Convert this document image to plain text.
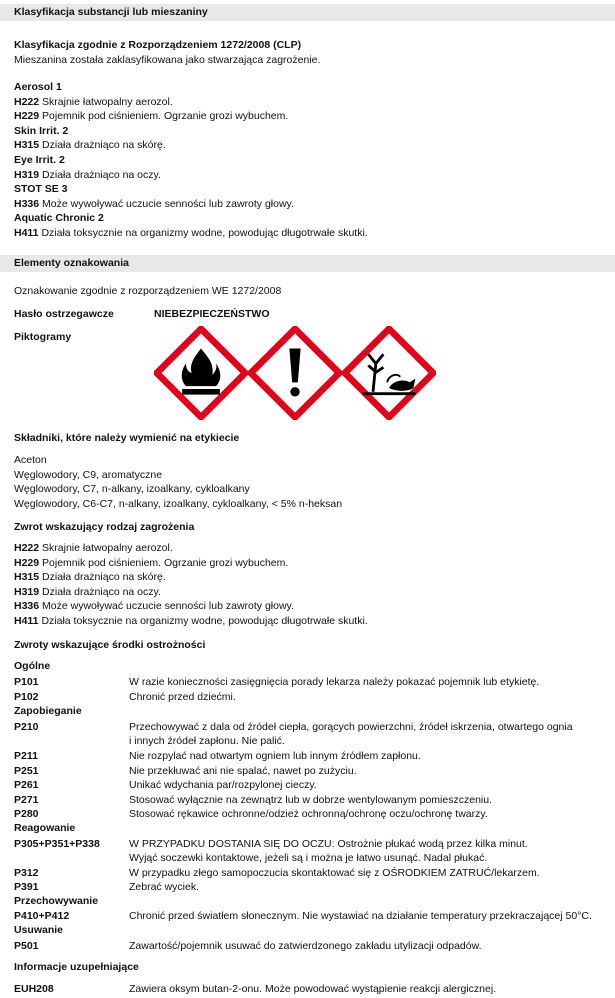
Klasyfikacja substancji lub mieszaniny
Klasyfikacja zgodnie z Rozporządzeniem 1272/2008 (CLP)
Mieszanina została zaklasyfikowana jako stwarzająca zagrożenie.
Aerosol 1
H222 Skrajnie łatwopalny aerozol.
H229 Pojemnik pod ciśnieniem. Ogrzanie grozi wybuchem.
Skin Irrit. 2
H315 Działa drażniąco na skórę.
Eye Irrit. 2
H319 Działa drażniąco na oczy.
STOT SE 3
H336 Może wywoływać uczucie senności lub zawroty głowy.
Aquatic Chronic 2
H411 Działa toksycznie na organizmy wodne, powodując długotrwałe skutki.
Elementy oznakowania
Oznakowanie zgodnie z rozporządzeniem WE 1272/2008
Hasło ostrzegawcze	NIEBEZPIECZEŃSTWO
Piktogramy
Składniki, które należy wymienić na etykiecie
Aceton
Węglowodory, C9, aromatyczne
Węglowodory, C7, n-alkany, izoalkany, cykloalkany
Węglowodory, C6-C7, n-alkany, izoalkany, cykloalkany, < 5% n-heksan
Zwrot wskazujący rodzaj zagrożenia
H222 Skrajnie łatwopalny aerozol.
H229 Pojemnik pod ciśnieniem. Ogrzanie grozi wybuchem.
H315 Działa drażniąco na skórę.
H319 Działa drażniąco na oczy.
H336 Może wywoływać uczucie senności lub zawroty głowy.
H411 Działa toksycznie na organizmy wodne, powodując długotrwałe skutki.
Zwroty wskazujące środki ostrożności
Ogólne
P101	W razie konieczności zasięgnięcia porady lekarza należy pokazać pojemnik lub etykietę.
P102	Chronić przed dziećmi.
Zapobieganie
P210	Przechowywać z dala od źródeł ciepła, gorących powierzchni, źródeł iskrzenia, otwartego ognia
i innych źródeł zapłonu. Nie palić.
P211	Nie rozpylać nad otwartym ogniem lub innym źródłem zapłonu.
P251	Nie przekłuwać ani nie spalać, nawet po zużyciu.
P261	Unikać wdychania par/rozpylonej cieczy.
P271	Stosować wyłącznie na zewnątrz lub w dobrze wentylowanym pomieszczeniu.
P280	Stosować rękawice ochronne/odzież ochronną/ochronę oczu/ochronę twarzy.
Reagowanie
P305+P351+P338	W PRZYPADKU DOSTANIA SIĘ DO OCZU: Ostrożnie płukać wodą przez kilka minut.
Wyjąć soczewki kontaktowe, jeżeli są i można je łatwo usunąć. Nadal płukać.
P312	W przypadku złego samopoczucia skontaktować się z OŚRODKIEM ZATRUĆ/lekarzem.
P391	Zebrać wyciek.
Przechowywanie
P410+P412	Chronić przed światłem słonecznym. Nie wystawiać na działanie temperatury przekraczającej 50°C.
Usuwanie
P501	Zawartość/pojemnik usuwać do zatwierdzonego zakładu utylizacji odpadów.
Informacje uzupełniające
EUH208	Zawiera oksym butan-2-onu. Może powodować wystąpienie reakcji alergicznej.
